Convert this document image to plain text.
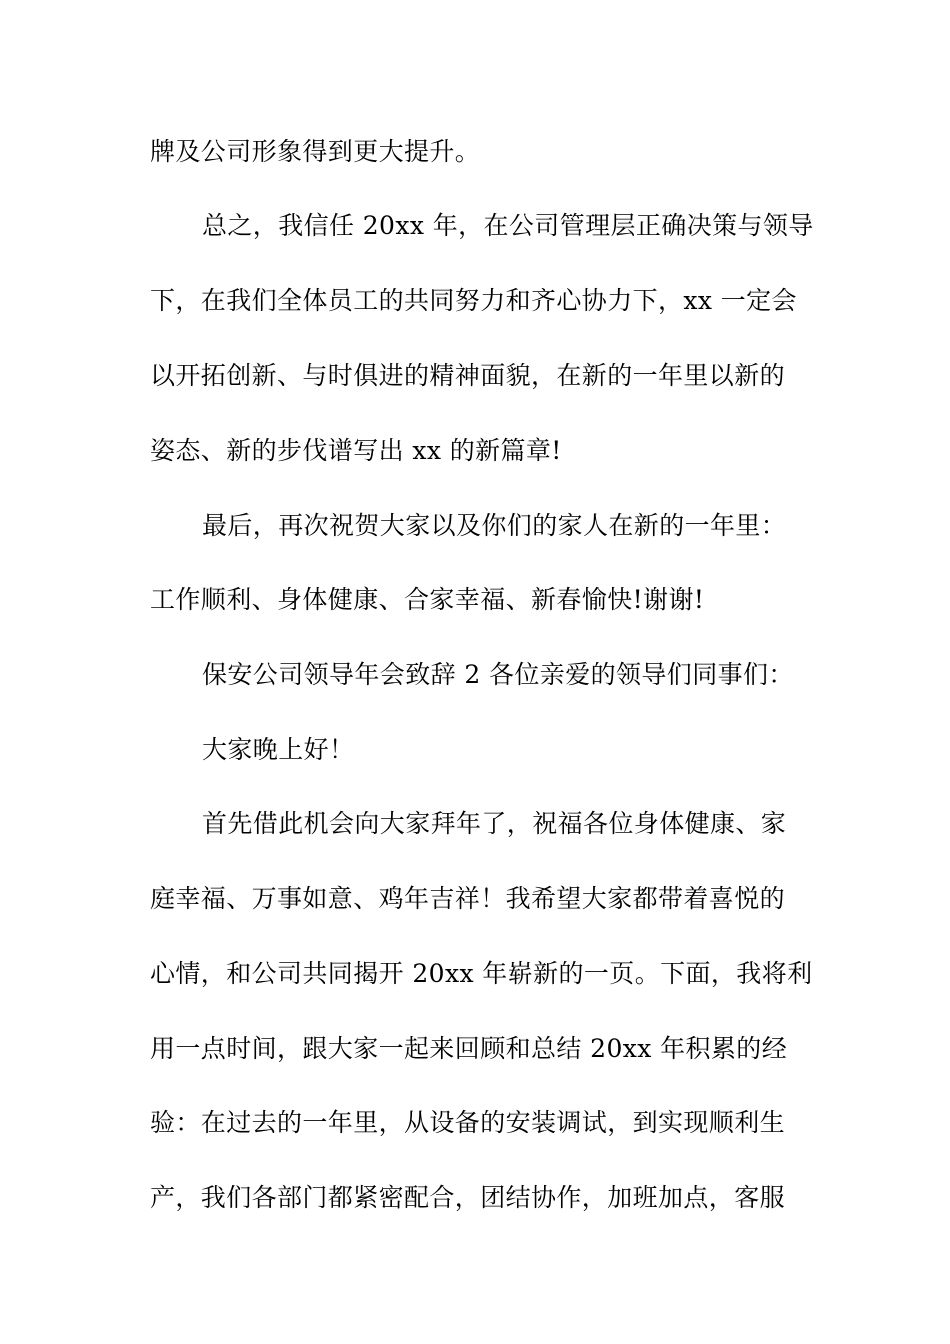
牌及公司形象得到更大提升。
总之，我信任 20xx 年，在公司管理层正确决策与领导
下，在我们全体员工的共同努力和齐心协力下，xx 一定会
以开拓创新、与时俱进的精神面貌，在新的一年里以新的
姿态、新的步伐谱写出 xx 的新篇章!
最后，再次祝贺大家以及你们的家人在新的一年里：
工作顺利、身体健康、合家幸福、新春愉快!谢谢!
保安公司领导年会致辞 2 各位亲爱的领导们同事们：
大家晚上好！
首先借此机会向大家拜年了，祝福各位身体健康、家
庭幸福、万事如意、鸡年吉祥！我希望大家都带着喜悦的
心情，和公司共同揭开 20xx 年崭新的一页。下面，我将利
用一点时间，跟大家一起来回顾和总结 20xx 年积累的经
验：在过去的一年里，从设备的安装调试，到实现顺利生
产，我们各部门都紧密配合，团结协作，加班加点，客服
